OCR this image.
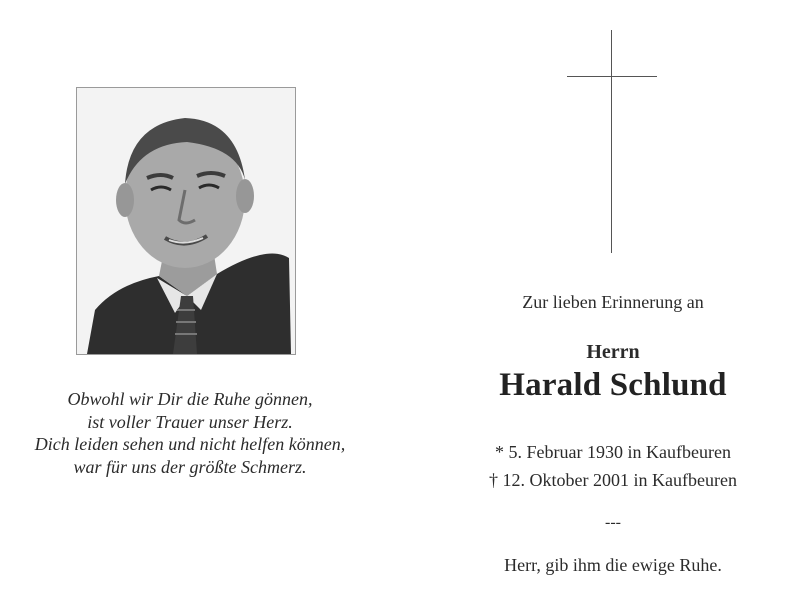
Obwohl wir Dir die Ruhe gönnen,
ist voller Trauer unser Herz.
Dich leiden sehen und nicht helfen können,
war für uns der größte Schmerz.
Zur lieben Erinnerung an
Herrn
Harald Schlund
* 5. Februar 1930 in Kaufbeuren
† 12. Oktober 2001 in Kaufbeuren
---
Herr, gib ihm die ewige Ruhe.
